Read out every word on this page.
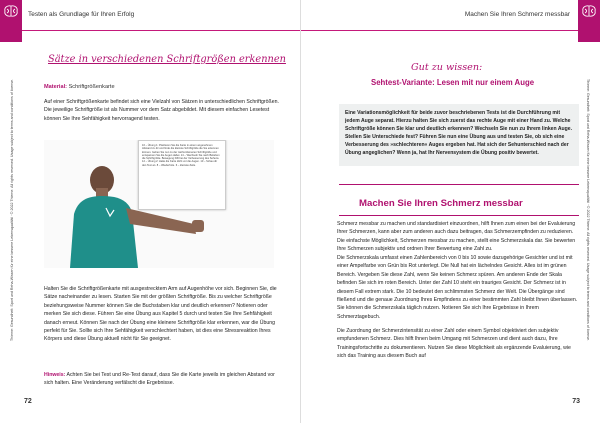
Testen als Grundlage für Ihren Erfolg
Thieme: Gesundheit: Sport und Reha-Wissen für eine bessere Lebensqualität · © 2022 Thieme. All rights reserved. Usage subject to terms and conditions of license.
Sätze in verschiedenen Schriftgrößen erkennen
Material: Schriftgrößenkarte
Auf einer Schriftgrößenkarte befindet sich eine Vielzahl von Sätzen in unterschiedlichen Schriftgrößen. Die jeweilige Schriftgröße ist als Nummer vor dem Satz abgebildet. Mit diesem einfachen Lesetest können Sie Ihre Sehfähigkeit hervorragend testen.

16 – Übung 1: Platzieren Sie die Karte in einem angenehmen Abstand zu dir und finde die kleinste Schriftgröße die Sie erkennen können. Gehen Sie nun zu der nächst kleineren Schriftgröße und entspannen Sie die Augen dabei. 14 – Wechseln Sie nach Belieben die Schriftgröße. Bewegung hilft bei der Verbesserung des Sehens. 12 – Übung 2: Halte die Karte dicht vor die Augen. 10 – Schau dir den Text an. 8 – Wiederhole. 6 – kleinste Zeile.

Halten Sie die Schriftgrößenkarte mit ausgestrecktem Arm auf Augenhöhe vor sich. Beginnen Sie, die Sätze nacheinander zu lesen. Starten Sie mit der größten Schriftgröße. Bis zu welcher Schriftgröße beziehungsweise Nummer können Sie die Buchstaben klar und deutlich erkennen? Notieren oder merken Sie sich diese. Führen Sie eine Übung aus Kapitel 5 durch und testen Sie Ihre Sehfähigkeit danach erneut. Können Sie nach der Übung eine kleinere Schriftgröße klar erkennen, war die Übung perfekt für Sie. Sollte sich Ihre Sehfähigkeit verschlechtert haben, ist dies eine Stressreaktion Ihres Körpers und diese Übung aktuell nicht für Sie geeignet.
Hinweis: Achten Sie bei Test und Re-Test darauf, dass Sie die Karte jeweils im gleichen Abstand vor sich halten. Eine Veränderung verfälscht die Ergebnisse.
72
Machen Sie Ihren Schmerz messbar
Thieme: Gesundheit: Sport und Reha-Wissen für eine bessere Lebensqualität · © 2022 Thieme. All rights reserved. Usage subject to terms and conditions of license.
Gut zu wissen:
Sehtest-Variante: Lesen mit nur einem Auge

Eine Variationsmöglichkeit für beide zuvor beschriebenen Tests ist die Durchführung mit jedem Auge separat. Hierzu halten Sie sich zuerst das rechte Auge mit einer Hand zu. Welche Schriftgröße können Sie klar und deutlich erkennen? Wechseln Sie nun zu Ihrem linken Auge. Stellen Sie Unterschiede fest? Führen Sie nun eine Übung aus und testen Sie, ob sich eine Verbesserung des »schlechteren« Auges ergeben hat. Hat sich der Sehunterschied nach der Übung angeglichen? Wenn ja, hat Ihr Nervensystem die Übung positiv bewertet.

Machen Sie Ihren Schmerz messbar
Schmerz messbar zu machen und standardisiert einzuordnen, hilft Ihnen zum einen bei der Evaluierung Ihrer Schmerzen, kann aber zum anderen auch dazu beitragen, das Schmerzempfinden zu reduzieren. Die einfachste Möglichkeit, Schmerzen messbar zu machen, stellt eine Schmerzskala dar. Sie bewerten Ihre Schmerzen subjektiv und ordnen Ihrer Bewertung eine Zahl zu.
Die Schmerzskala umfasst einen Zahlenbereich von 0 bis 10 sowie dazugehörige Gesichter und ist mit einer Ampelfarbe von Grün bis Rot unterlegt. Die Null hat ein lächelndes Gesicht. Alles ist im grünen Bereich. Vergeben Sie diese Zahl, wenn Sie keinen Schmerz spüren. Am anderen Ende der Skala befinden Sie sich im roten Bereich. Unter der Zahl 10 steht ein trauriges Gesicht. Der Schmerz ist in diesem Fall extrem stark. Die 10 bedeutet den schlimmsten Schmerz der Welt. Die Übergänge sind fließend und die genaue Zuordnung Ihres Empfindens zu einer bestimmten Zahl bleibt Ihnen überlassen. Sie können die Schmerzskala täglich nutzen. Notieren Sie sich Ihre Ergebnisse in Ihrem Schmerztagebuch.
Die Zuordnung der Schmerzintensität zu einer Zahl oder einem Symbol objektiviert den subjektiv empfundenen Schmerz. Dies hilft Ihnen beim Umgang mit Schmerzen und dient auch dazu, Ihre Trainingsfortschritte zu dokumentieren. Nutzen Sie diese Möglichkeit als ergänzende Evaluierung, wie sich das Training aus diesem Buch auf
73
